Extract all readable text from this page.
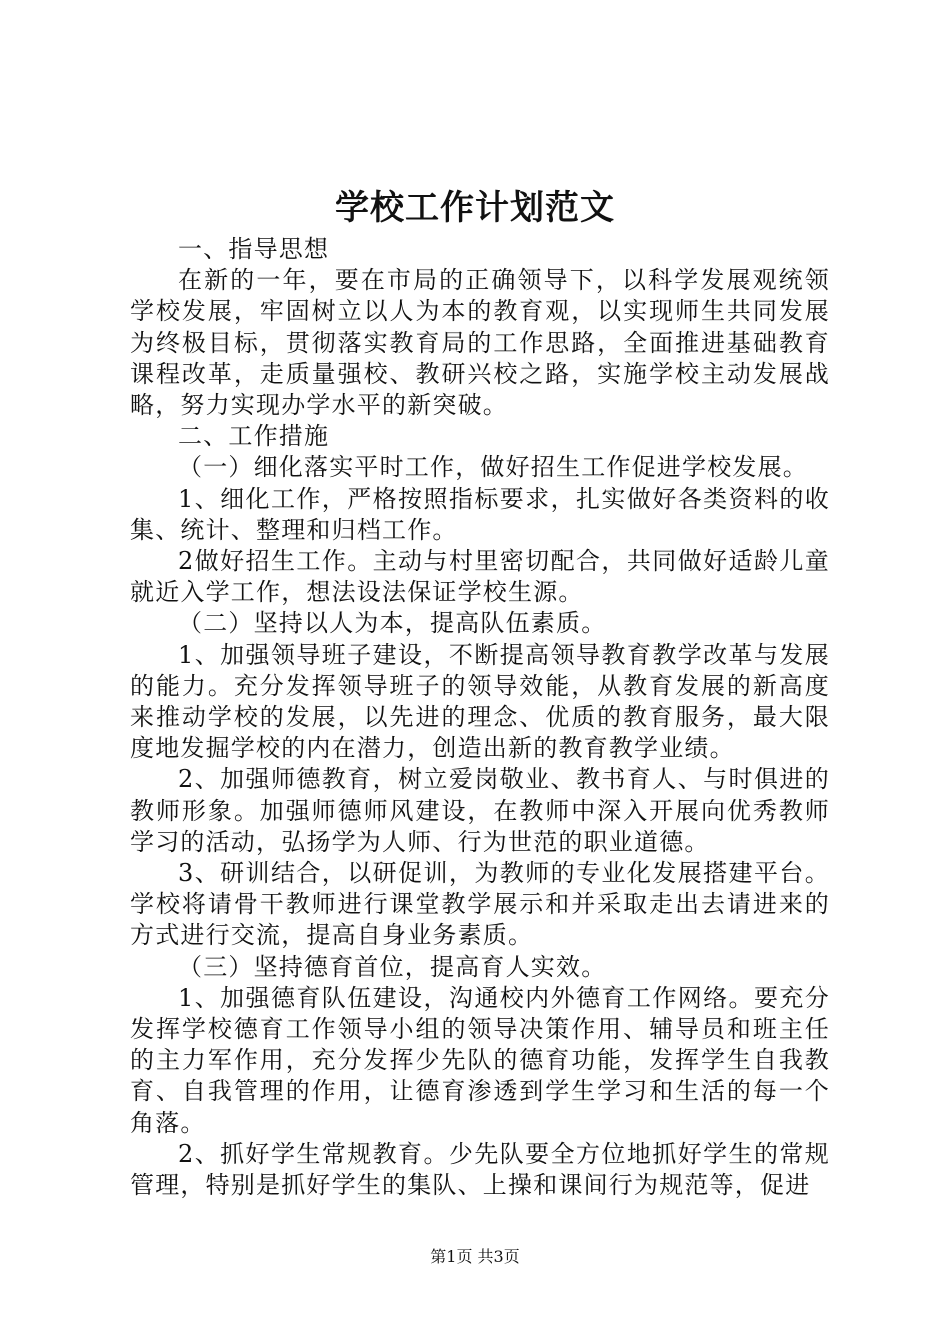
学校工作计划范文

一、指导思想

在新的一年，要在市局的正确领导下，以科学发展观统领学校发展，牢固树立以人为本的教育观，以实现师生共同发展为终极目标，贯彻落实教育局的工作思路，全面推进基础教育课程改革，走质量强校、教研兴校之路，实施学校主动发展战略，努力实现办学水平的新突破。

二、工作措施

（一）细化落实平时工作，做好招生工作促进学校发展。

1、细化工作，严格按照指标要求，扎实做好各类资料的收集、统计、整理和归档工作。

2做好招生工作。主动与村里密切配合，共同做好适龄儿童就近入学工作，想法设法保证学校生源。

（二）坚持以人为本，提高队伍素质。

1、加强领导班子建设，不断提高领导教育教学改革与发展的能力。充分发挥领导班子的领导效能，从教育发展的新高度来推动学校的发展，以先进的理念、优质的教育服务，最大限度地发掘学校的内在潜力，创造出新的教育教学业绩。

2、加强师德教育，树立爱岗敬业、教书育人、与时俱进的教师形象。加强师德师风建设，在教师中深入开展向优秀教师学习的活动，弘扬学为人师、行为世范的职业道德。

3、研训结合，以研促训，为教师的专业化发展搭建平台。学校将请骨干教师进行课堂教学展示和并采取走出去请进来的方式进行交流，提高自身业务素质。

（三）坚持德育首位，提高育人实效。

1、加强德育队伍建设，沟通校内外德育工作网络。要充分发挥学校德育工作领导小组的领导决策作用、辅导员和班主任的主力军作用，充分发挥少先队的德育功能，发挥学生自我教育、自我管理的作用，让德育渗透到学生学习和生活的每一个角落。

2、抓好学生常规教育。少先队要全方位地抓好学生的常规管理，特别是抓好学生的集队、上操和课间行为规范等，促进

第1页 共3页
